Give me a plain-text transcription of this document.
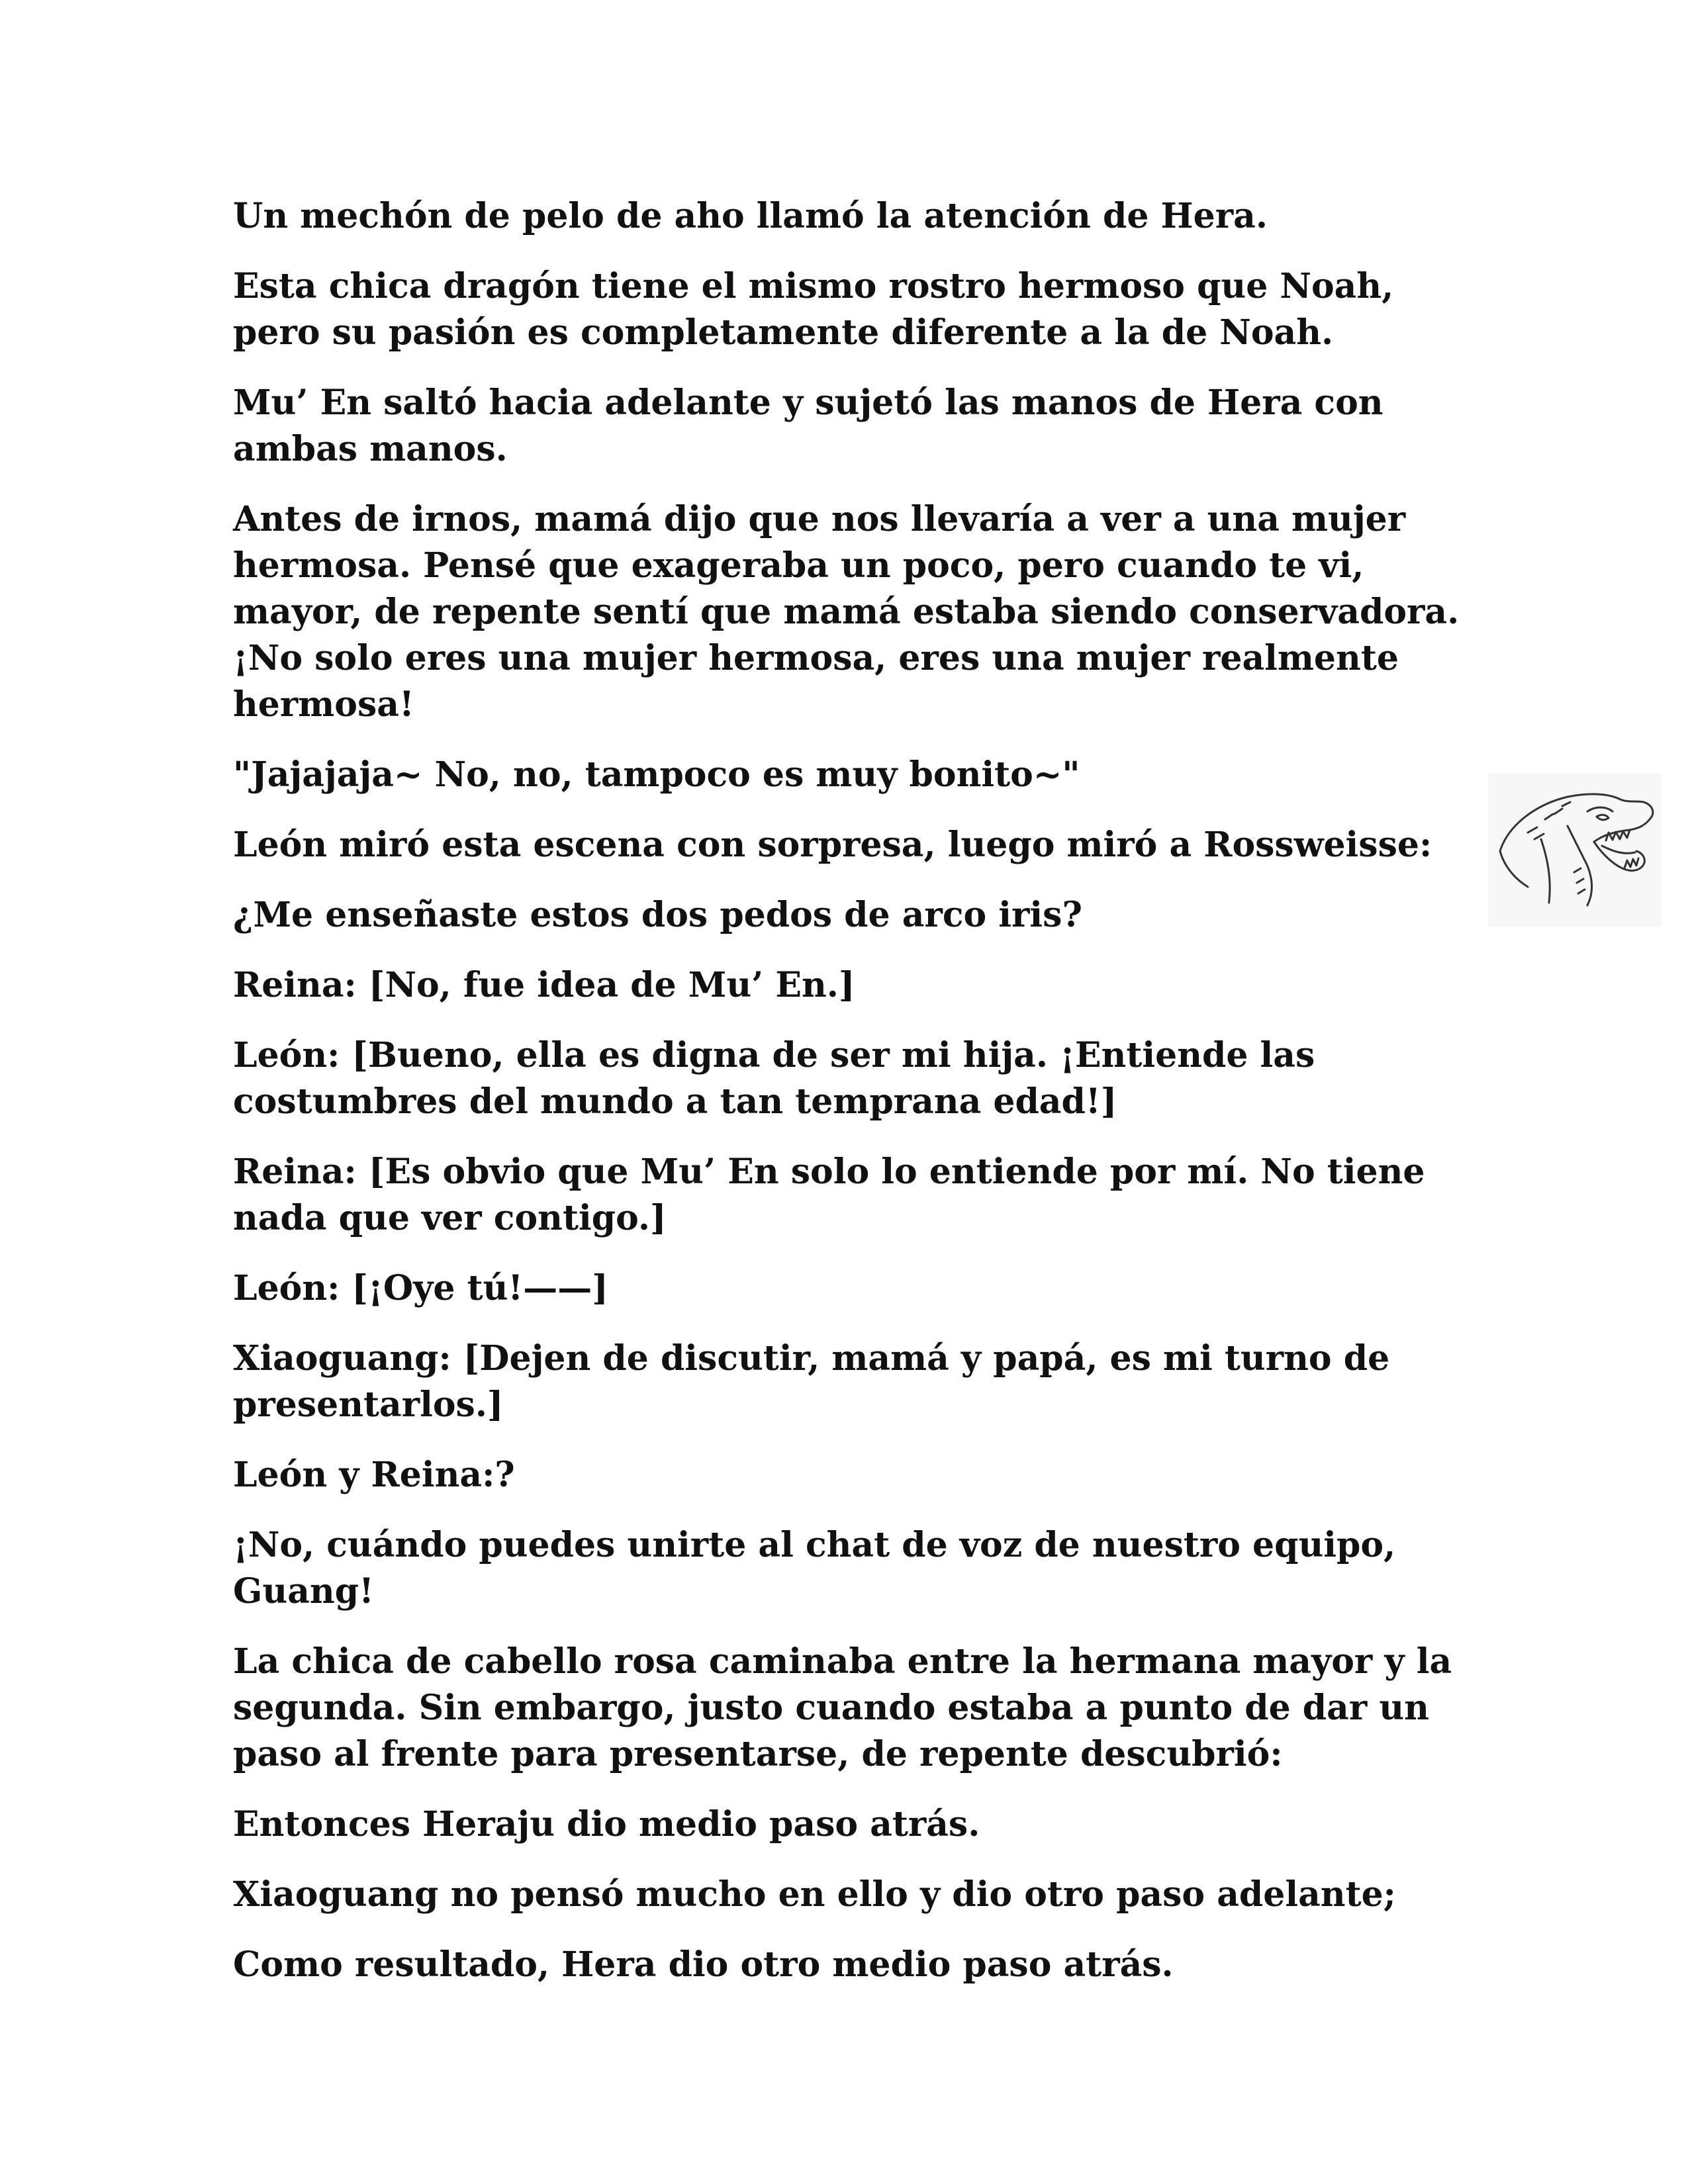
Un mechón de pelo de aho llamó la atención de Hera.

Esta chica dragón tiene el mismo rostro hermoso que Noah, pero su pasión es completamente diferente a la de Noah.

Mu’ En saltó hacia adelante y sujetó las manos de Hera con ambas manos.

Antes de irnos, mamá dijo que nos llevaría a ver a una mujer hermosa. Pensé que exageraba un poco, pero cuando te vi, mayor, de repente sentí que mamá estaba siendo conservadora. ¡No solo eres una mujer hermosa, eres una mujer realmente hermosa!

"Jajajaja~ No, no, tampoco es muy bonito~"

León miró esta escena con sorpresa, luego miró a Rossweisse:

¿Me enseñaste estos dos pedos de arco iris?

Reina: [No, fue idea de Mu’ En.]

León: [Bueno, ella es digna de ser mi hija. ¡Entiende las costumbres del mundo a tan temprana edad!]

Reina: [Es obvio que Mu’ En solo lo entiende por mí. No tiene nada que ver contigo.]

León: [¡Oye tú!——]

Xiaoguang: [Dejen de discutir, mamá y papá, es mi turno de presentarlos.]

León y Reina:?

¡No, cuándo puedes unirte al chat de voz de nuestro equipo, Guang!

La chica de cabello rosa caminaba entre la hermana mayor y la segunda. Sin embargo, justo cuando estaba a punto de dar un paso al frente para presentarse, de repente descubrió:

Entonces Heraju dio medio paso atrás.

Xiaoguang no pensó mucho en ello y dio otro paso adelante;

Como resultado, Hera dio otro medio paso atrás.
